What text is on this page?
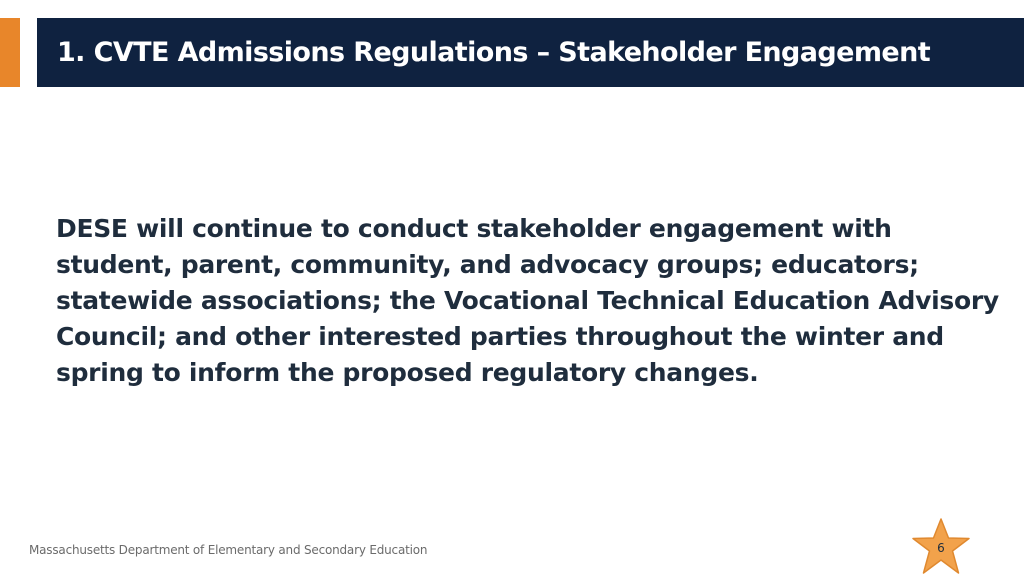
1. CVTE Admissions Regulations – Stakeholder Engagement

DESE will continue to conduct stakeholder engagement with student, parent, community, and advocacy groups; educators; statewide associations; the Vocational Technical Education Advisory Council; and other interested parties throughout the winter and spring to inform the proposed regulatory changes.

Massachusetts Department of Elementary and Secondary Education	6
